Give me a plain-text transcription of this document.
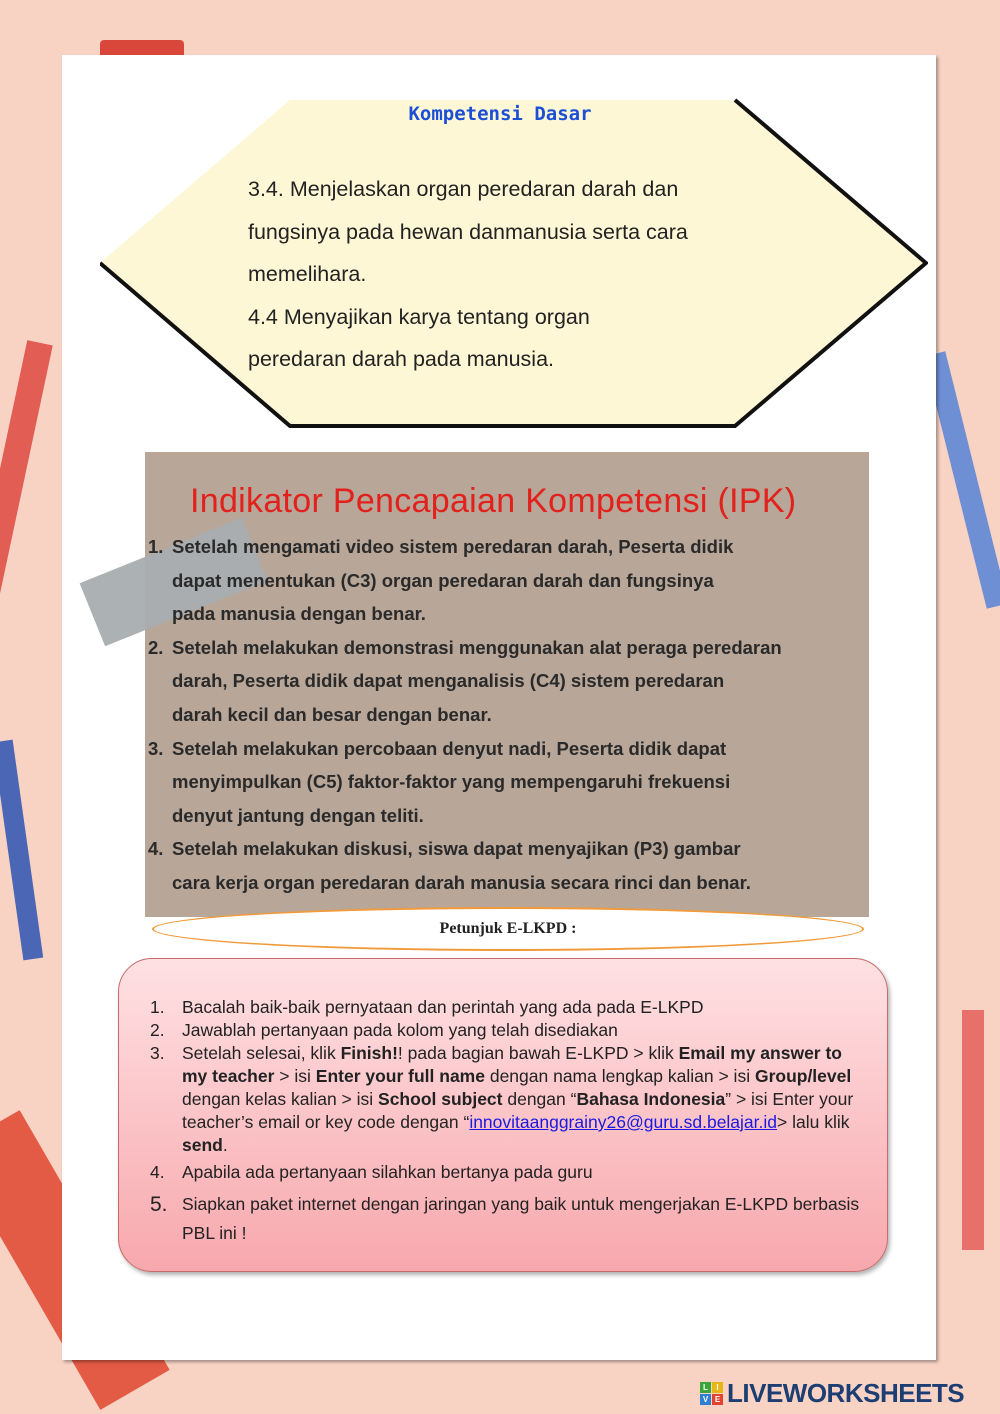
Kompetensi Dasar
3.4. Menjelaskan organ peredaran darah dan
fungsinya pada hewan danmanusia serta cara
memelihara.
4.4 Menyajikan karya tentang organ
peredaran darah pada manusia.
Indikator Pencapaian Kompetensi (IPK)
1. Setelah mengamati video sistem peredaran darah, Peserta didik
dapat menentukan (C3) organ peredaran darah dan fungsinya
pada manusia dengan benar.
2. Setelah melakukan demonstrasi menggunakan alat peraga peredaran
darah, Peserta didik dapat menganalisis (C4) sistem peredaran
darah kecil dan besar dengan benar.
3. Setelah melakukan percobaan denyut nadi, Peserta didik dapat
menyimpulkan (C5) faktor-faktor yang mempengaruhi frekuensi
denyut jantung dengan teliti.
4. Setelah melakukan diskusi, siswa dapat menyajikan (P3) gambar
cara kerja organ peredaran darah manusia secara rinci dan benar.
Petunjuk E-LKPD :
1. Bacalah baik-baik pernyataan dan perintah yang ada pada E-LKPD
2. Jawablah pertanyaan pada kolom yang telah disediakan
3. Setelah selesai, klik Finish!! pada bagian bawah E-LKPD > klik Email my answer to my teacher > isi Enter your full name dengan nama lengkap kalian > isi Group/level dengan kelas kalian > isi School subject dengan “Bahasa Indonesia” > isi Enter your teacher’s email or key code dengan “innovitaanggrainy26@guru.sd.belajar.id> lalu klik send.
4. Apabila ada pertanyaan silahkan bertanya pada guru
5. Siapkan paket internet dengan jaringan yang baik untuk mengerjakan E-LKPD berbasis PBL ini !
L	I
V E LIVEWORKSHEETS
